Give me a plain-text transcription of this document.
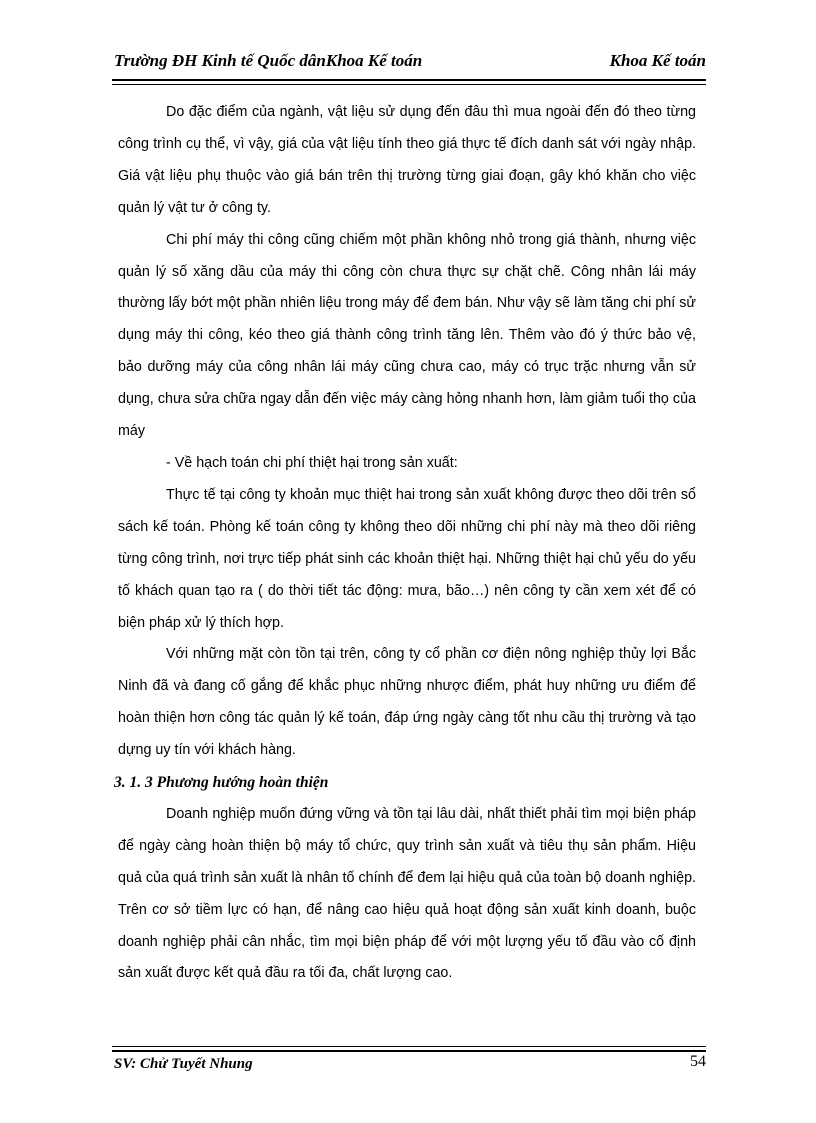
Trường ĐH Kinh tế Quốc dânKhoa Kế toán	Khoa Kế toán

Do đặc điểm của ngành, vật liệu sử dụng đến đâu thì mua ngoài đến đó theo từng công trình cụ thể, vì vậy, giá của vật liệu tính theo giá thực tế đích danh sát với ngày nhập. Giá vật liệu phụ thuộc vào giá bán trên thị trường từng giai đoạn, gây khó khăn cho việc quản lý vật tư ở công ty.

Chi phí máy thi công cũng chiếm một phần không nhỏ trong giá thành, nhưng việc quản lý số xăng dầu của máy thi công còn chưa thực sự chặt chẽ. Công nhân lái máy thường lấy bớt một phần nhiên liệu trong máy để đem bán. Như vậy sẽ làm tăng chi phí sử dụng máy thi công, kéo theo giá thành công trình tăng lên. Thêm vào đó ý thức bảo vệ, bảo dưỡng máy của công nhân lái máy cũng chưa cao, máy có trục trặc nhưng vẫn sử dụng, chưa sửa chữa ngay dẫn đến việc máy càng hỏng nhanh hơn, làm giảm tuổi thọ của máy

- Về hạch toán chi phí thiệt hại trong sản xuất:

Thực tế tại công ty khoản mục thiệt hai trong sản xuất không được theo dõi trên sổ sách kế toán. Phòng kế toán công ty không theo dõi những chi phí này mà theo dõi riêng từng công trình, nơi trực tiếp phát sinh các khoản thiệt hại. Những thiệt hại chủ yếu do yếu tố khách quan tạo ra ( do thời tiết tác động: mưa, bão…) nên công ty cần xem xét để có biện pháp xử lý thích hợp.

Với những mặt còn tồn tại trên, công ty cổ phần cơ điện nông nghiệp thủy lợi Bắc Ninh đã và đang cố gắng để khắc phục những nhược điểm, phát huy những ưu điểm để hoàn thiện hơn công tác quản lý kế toán, đáp ứng ngày càng tốt nhu cầu thị trường và tạo dựng uy tín với khách hàng.

3. 1. 3 Phương hướng hoàn thiện

Doanh nghiệp muốn đứng vững và tồn tại lâu dài, nhất thiết phải tìm mọi biện pháp để ngày càng hoàn thiện bộ máy tổ chức, quy trình sản xuất và tiêu thụ sản phẩm. Hiệu quả của quá trình sản xuất là nhân tố chính để đem lại hiệu quả của toàn bộ doanh nghiệp. Trên cơ sở tiềm lực có hạn, để nâng cao hiệu quả hoạt động sản xuất kinh doanh, buộc doanh nghiệp phải cân nhắc, tìm mọi biện pháp để với một lượng yếu tố đầu vào cố định sản xuất được kết quả đầu ra tối đa, chất lượng cao.

SV: Chử Tuyết Nhung	54
